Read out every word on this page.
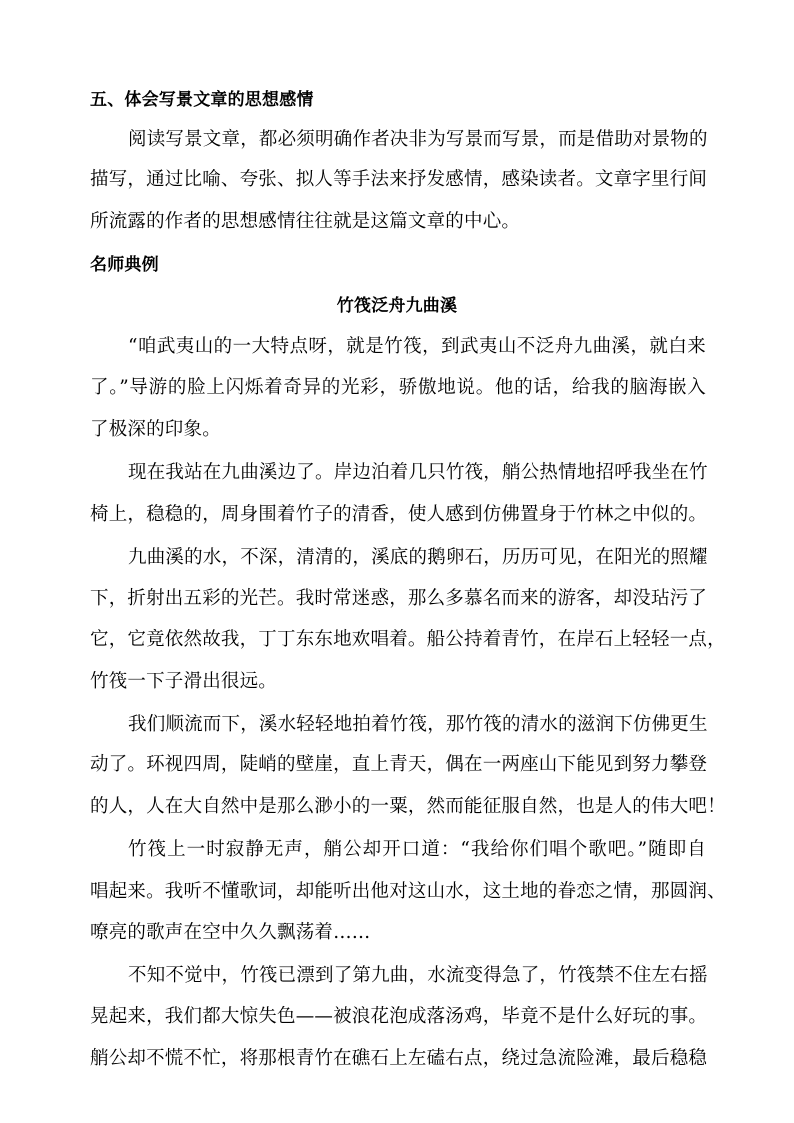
五、体会写景文章的思想感情
阅读写景文章，都必须明确作者决非为写景而写景，而是借助对景物的
描写，通过比喻、夸张、拟人等手法来抒发感情，感染读者。文章字里行间
所流露的作者的思想感情往往就是这篇文章的中心。
名师典例
竹筏泛舟九曲溪
“咱武夷山的一大特点呀，就是竹筏，到武夷山不泛舟九曲溪，就白来
了。”导游的脸上闪烁着奇异的光彩，骄傲地说。他的话，给我的脑海嵌入
了极深的印象。
现在我站在九曲溪边了。岸边泊着几只竹筏，艄公热情地招呼我坐在竹
椅上，稳稳的，周身围着竹子的清香，使人感到仿佛置身于竹林之中似的。
九曲溪的水，不深，清清的，溪底的鹅卵石，历历可见，在阳光的照耀
下，折射出五彩的光芒。我时常迷惑，那么多慕名而来的游客，却没玷污了
它，它竟依然故我，丁丁东东地欢唱着。船公持着青竹，在岸石上轻轻一点，
竹筏一下子滑出很远。
我们顺流而下，溪水轻轻地拍着竹筏，那竹筏的清水的滋润下仿佛更生
动了。环视四周，陡峭的壁崖，直上青天，偶在一两座山下能见到努力攀登
的人，人在大自然中是那么渺小的一粟，然而能征服自然，也是人的伟大吧！
竹筏上一时寂静无声，艄公却开口道：“我给你们唱个歌吧。”随即自
唱起来。我听不懂歌词，却能听出他对这山水，这土地的眷恋之情，那圆润、
嘹亮的歌声在空中久久飘荡着……
不知不觉中，竹筏已漂到了第九曲，水流变得急了，竹筏禁不住左右摇
晃起来，我们都大惊失色——被浪花泡成落汤鸡，毕竟不是什么好玩的事。
艄公却不慌不忙，将那根青竹在礁石上左磕右点，绕过急流险滩，最后稳稳
